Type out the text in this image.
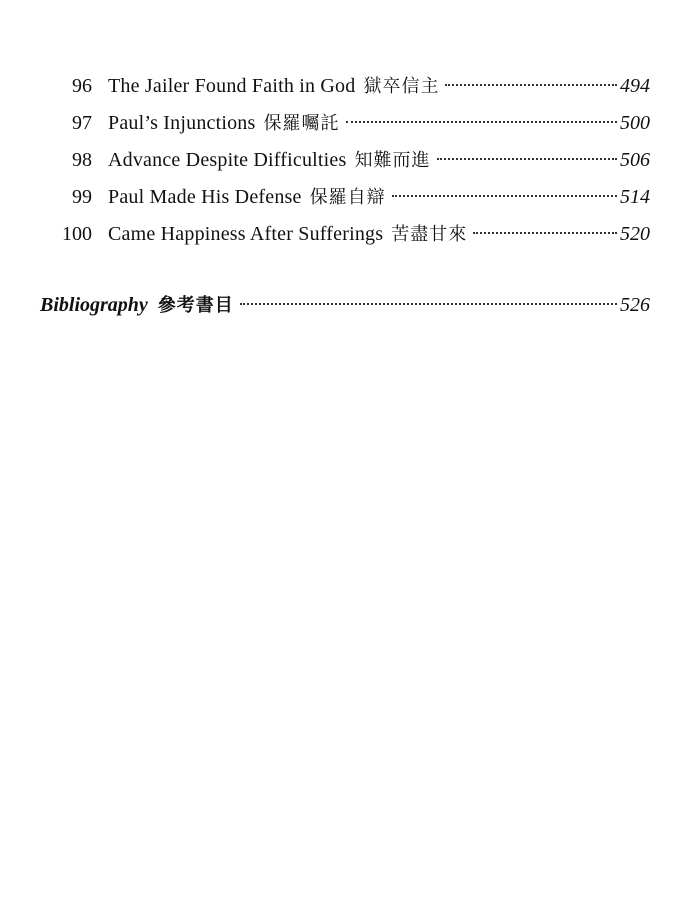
96 The Jailer Found Faith in God 獄卒信主	494
97 Paul’s Injunctions 保羅囑託	500
98 Advance Despite Difficulties 知難而進	506
99 Paul Made His Defense 保羅自辯	514
100 Came Happiness After Sufferings 苦盡甘來	520
Bibliography 參考書目	526
